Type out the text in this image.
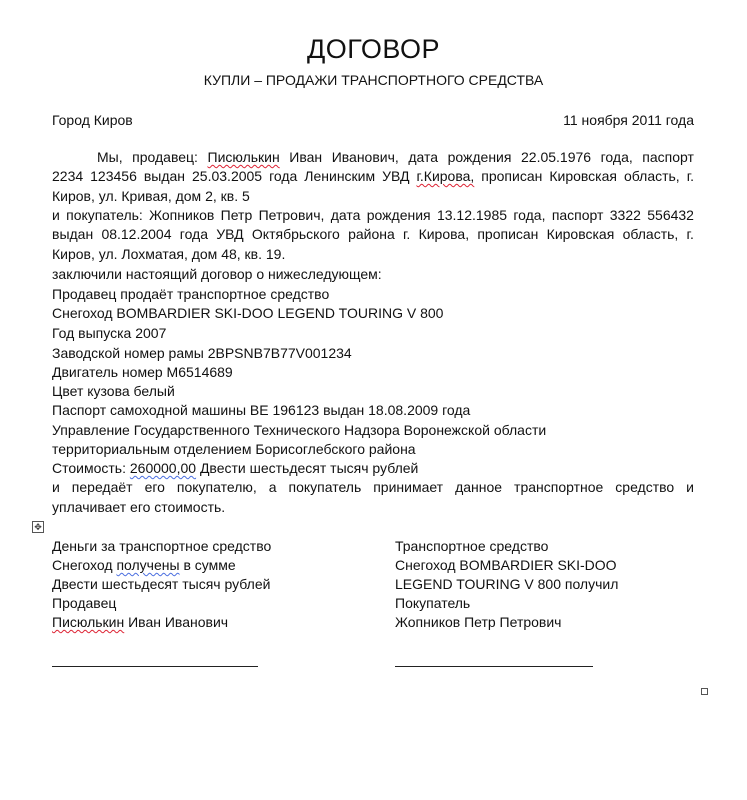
ДОГОВОР
КУПЛИ – ПРОДАЖИ ТРАНСПОРТНОГО СРЕДСТВА
Город Киров	11 ноября 2011 года
Мы, продавец: Писюлькин Иван Иванович, дата рождения 22.05.1976 года, паспорт
2234 123456 выдан 25.03.2005 года Ленинским УВД г.Кирова, прописан Кировская область, г.
Киров, ул. Кривая, дом 2, кв. 5
и покупатель: Жопников Петр Петрович, дата рождения 13.12.1985 года, паспорт 3322 556432
выдан 08.12.2004 года УВД Октябрьского района г. Кирова, прописан Кировская область, г.
Киров, ул. Лохматая, дом 48, кв. 19.
заключили настоящий договор о нижеследующем:
Продавец продаёт транспортное средство
Снегоход BOMBARDIER SKI-DOO LEGEND TOURING V 800
Год выпуска 2007
Заводской номер рамы 2BPSNB7B77V001234
Двигатель номер М6514689
Цвет кузова белый
Паспорт самоходной машины ВЕ 196123 выдан 18.08.2009 года
Управление Государственного Технического Надзора Воронежской области
территориальным отделением Борисоглебского района
Стоимость: 260000,00 Двести шестьдесят тысяч рублей
и передаёт его покупателю, а покупатель принимает данное транспортное средство и
уплачивает его стоимость.
✥
Деньги за транспортное средство
Снегоход получены в сумме
Двести шестьдесят тысяч рублей
Продавец
Писюлькин Иван Иванович
Транспортное средство
Снегоход BOMBARDIER SKI-DOO
LEGEND TOURING V 800 получил
Покупатель
Жопников Петр Петрович
